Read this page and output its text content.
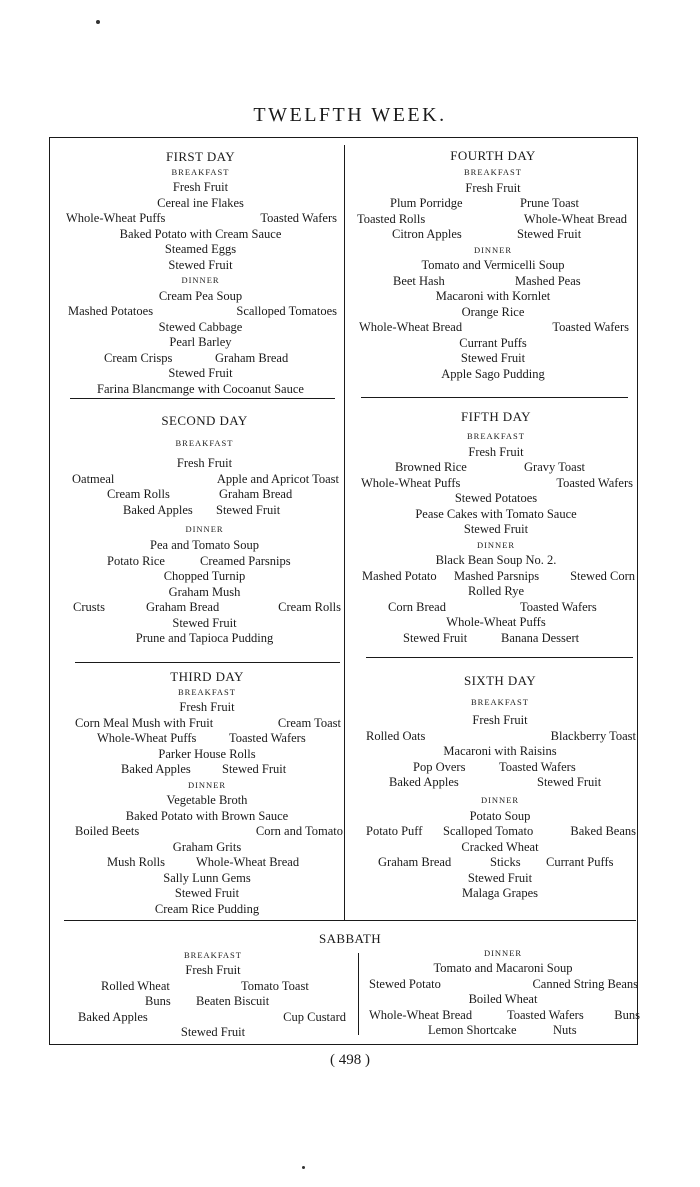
TWELFTH WEEK.
FIRST DAY
BREAKFAST
Fresh Fruit
Cereal ine Flakes
Whole-Wheat Puffs	Toasted Wafers
Baked Potato with Cream Sauce
Steamed Eggs
Stewed Fruit
DINNER
Cream Pea Soup
Mashed Potatoes	Scalloped Tomatoes
Stewed Cabbage
Pearl Barley
Cream Crisps	Graham Bread
Stewed Fruit
Farina Blancmange with Cocoanut Sauce
SECOND DAY
BREAKFAST
Fresh Fruit
Oatmeal	Apple and Apricot Toast
Cream Rolls	Graham Bread
Baked Apples Stewed Fruit
DINNER
Pea and Tomato Soup
Potato Rice	Creamed Parsnips
Chopped Turnip
Graham Mush
Crusts	Graham Bread	Cream Rolls
Stewed Fruit
Prune and Tapioca Pudding
THIRD DAY
BREAKFAST
Fresh Fruit
Corn Meal Mush with Fruit	Cream Toast
Whole-Wheat Puffs	Toasted Wafers
Parker House Rolls
Baked Apples Stewed Fruit
DINNER
Vegetable Broth
Baked Potato with Brown Sauce
Boiled Beets	Corn and Tomato
Graham Grits
Mush Rolls Whole-Wheat Bread
Sally Lunn Gems
Stewed Fruit
Cream Rice Pudding
FOURTH DAY
BREAKFAST
Fresh Fruit
Plum Porridge	Prune Toast
Toasted Rolls	Whole-Wheat Bread
Citron Apples	Stewed Fruit
DINNER
Tomato and Vermicelli Soup
Beet Hash	Mashed Peas
Macaroni with Kornlet
Orange Rice
Whole-Wheat Bread	Toasted Wafers
Currant Puffs
Stewed Fruit
Apple Sago Pudding
FIFTH DAY
BREAKFAST
Fresh Fruit
Browned Rice	Gravy Toast
Whole-Wheat Puffs	Toasted Wafers
Stewed Potatoes
Pease Cakes with Tomato Sauce
Stewed Fruit
DINNER
Black Bean Soup No. 2.
Mashed Potato Mashed Parsnips Stewed Corn
Rolled Rye
Corn Bread	Toasted Wafers
Whole-Wheat Puffs
Stewed Fruit	Banana Dessert
SIXTH DAY
BREAKFAST
Fresh Fruit
Rolled Oats	Blackberry Toast
Macaroni with Raisins
Pop Overs	Toasted Wafers
Baked Apples	Stewed Fruit
DINNER
Potato Soup
Potato Puff Scalloped Tomato	Baked Beans
Cracked Wheat
Graham Bread	Sticks Currant Puffs
Stewed Fruit
Malaga Grapes
SABBATH
BREAKFAST
Fresh Fruit
Rolled Wheat	Tomato Toast
Buns Beaten Biscuit
Baked Apples	Cup Custard
Stewed Fruit
DINNER
Tomato and Macaroni Soup
Stewed Potato	Canned String Beans
Boiled Wheat
Whole-Wheat Bread	Toasted Wafers Buns
Lemon Shortcake	Nuts
( 498 )
